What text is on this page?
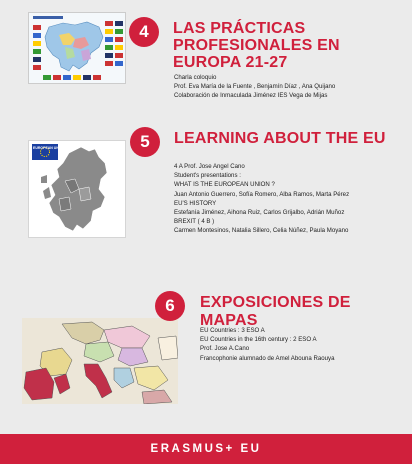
4 LAS PRÁCTICAS
PROFESIONALES EN
EUROPA 21-27
Charla coloquio
Prof. Eva María de la Fuente , Benjamín Díaz , Ana Quijano
Colaboración de Inmaculada Jiménez IES Vega de Mijas
EUROPEAN UNION	5 LEARNING ABOUT THE EU
4 A Prof. Jose Angel Cano
Student's presentations :
WHAT IS THE EUROPEAN UNION ?
Juan Antonio Guerrero, Sofía Romero, Alba Ramos, Marta Pérez
EU'S HISTORY
Estefanía Jiménez, Aihona Ruiz, Carlos Grijalbo, Adrián Muñoz
BREXIT ( 4 B )
Carmen Montesinos, Natalia Sillero, Celia Núñez, Paula Moyano
6 EXPOSICIONES DE MAPAS
EU Countries : 3 ESO A
EU Countries in the 16th century : 2 ESO A
Prof. Jose A.Cano
Francophonie alumnado de Amel Abouna Raouya
ERASMUS+ EU
